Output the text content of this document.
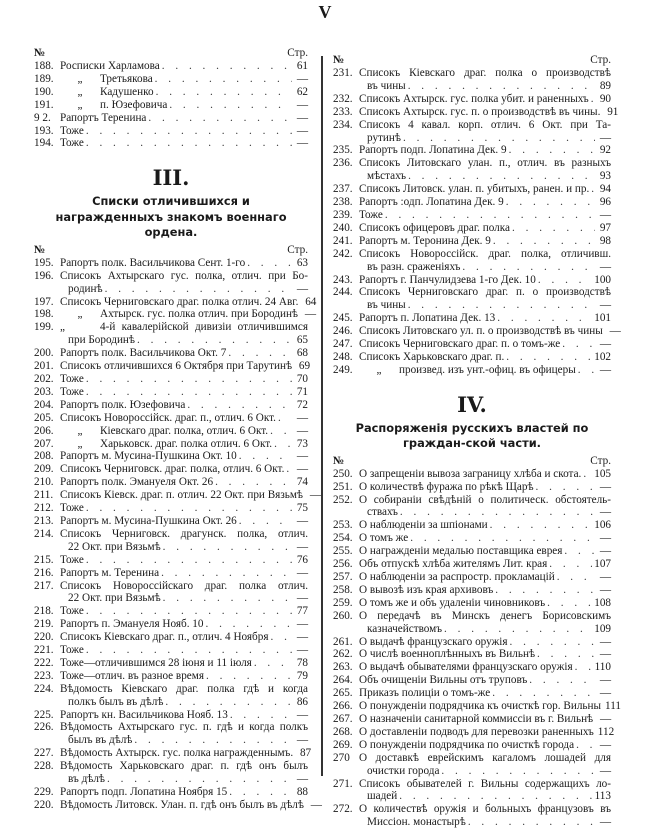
V
№	Стр.
188. Росписки Харламова . . .	61
189.	„ Третьякова . . .	—
190.	„ Кадушенко . . .	62
191.	„ п. Юзефовича . . .	—
9 2. Рапортъ Теренина . . .	—
193. Тоже . . .	—
194. Тоже . . .	—
III.
Списки отличившихся и награжденныхъ знакомъ военнаго ордена.
№	Стр.
195. Рапортъ полк. Васильчикова Сент. 1-го . . .	63
196. Списокъ Ахтырскаго гус. полка, отлич. при Бо-
родинѣ . . .	—
197. Списокъ Черниговскаго драг. полка отлич. 24 Авг. 64
198.	„ Ахтырск. гус. полка отлич. при Бородинѣ —
199. „	4-й кавалерійской дивизіи отличившимся
при Бородинѣ . . .	65
200. Рапортъ полк. Васильчикова Окт. 7 . . .	68
201. Списокъ отличившихся 6 Октября при Тарутинѣ 69
202. Тоже . . .	70
203. Тоже . . .	71
204. Рапортъ полк. Юзефовича . . .	72
205. Списокъ Новороссійск. драг. п., отлич. 6 Окт. . . . —
206.	„ Кіевскаго драг. полка, отлич. 6 Окт. . . .	—
207.	„ Харьковск. драг. полка отлич. 6 Окт. . . . 73
208. Рапортъ м. Мусина-Пушкина Окт. 10 . . .	—
209. Списокъ Черниговск. драг. полка, отлич. 6 Окт. . . . —
210. Рапортъ полк. Эмануеля Окт. 26 . . .	74
211. Списокъ Кіевск. драг. п. отлич. 22 Окт. при Вязьмѣ —
212. Тоже . . .	75
213. Рапортъ м. Мусина-Пушкина Окт. 26 . . .	—
214. Списокъ Черниговск. драгунск. полка, отлич.
22 Окт. при Вязьмѣ . . .	—
215. Тоже . . .	76
216. Рапортъ м. Теренина . . .	—
217. Списокъ Новороссійскаго драг. полка отлич.
22 Окт. при Вязьмѣ . . .	—
218. Тоже . . .	77
219. Рапортъ п. Эмануеля Нояб. 10 . . .	—
220. Списокъ Кіевскаго драг. п., отлич. 4 Ноября . . .	—
221. Тоже . . .	—
222. Тоже—отличившимся 28 іюня и 11 іюля . . .	78
223. Тоже—отлич. въ разное время . . .	79
224. Вѣдомость Кіевскаго драг. полка гдѣ и когда
полкъ былъ въ дѣлѣ . . .	86
225. Рапортъ кн. Васильчикова Нояб. 13 . . .	—
226. Вѣдомость Ахтырскаго гус. п. гдѣ и когда полкъ
былъ въ дѣлѣ . . .	—
227. Вѣдомость Ахтырск. гус. полка награжденнымъ. 87
228. Вѣдомость Харьковскаго драг. п. гдѣ онъ былъ
въ дѣлѣ . . .	—
229. Рапортъ подп. Лопатина Ноября 15 . . .	88
220. Вѣдомость Литовск. Улан. п. гдѣ онъ былъ въ дѣлѣ —
№	Стр.
231. Списокъ Кіевскаго драг. полка о производствѣ
въ чины . . .	89
232. Списокъ Ахтырск. гус. полка убит. и раненныхъ . . . 90
233. Списокъ Ахтырск. гус. п. о производствѣ въ чины. 91
234. Списокъ 4 кавал. корп. отлич. 6 Окт. при Та-
рутинѣ . . .	—
235. Рапортъ подп. Лопатина Дек. 9 . . .	92
236. Списокъ Литовскаго улан. п., отлич. въ разныхъ
мѣстахъ . . .	93
237. Списокъ Литовск. улан. п. убитыхъ, ранен. и пр. . . . 94
238. Рапортъ :одп. Лопатина Дек. 9 . . .	96
239. Тоже . . .	—
240. Списокъ офицеровъ драг. полка . . .	97
241. Рапортъ м. Теронина Дек. 9 . . .	98
242. Списокъ Новороссійск. драг. полка, отличивш.
въ разн. сраженіяхъ . . .	—
243. Рапортъ г. Панчулидзева 1-го Дек. 10 . . .	100
244. Списокъ Черниговскаго драг. п. о производствѣ
въ чины . . .	—
245. Рапортъ п. Лопатина Дек. 13 . . .	101
246. Списокъ Литовскаго ул. п. о производствѣ въ чины —
247. Списокъ Черниговскаго драг. п. о томъ-же . . .	—
248. Списокъ Харьковскаго драг. п. . . .	102
249.	„ произвед. изъ унт.-офиц. въ офицеры . . . —
IV.
Распоряженія русскихъ властей по граждан-ской части.
№	Стр.
250. О запрещеніи вывоза заграницу хлѣба и скота. . . . 105
251. О количествѣ фуража по рѣкѣ Щарѣ . . .	—
252. О собираніи свѣдѣній о политическ. обстоятель-
ствахъ . . .	—
253. О наблюденіи за шпіонами . . .	106
254. О томъ же . . .	—
255. О награжденіи медалью поставщика еврея . . .	—
256. Объ отпускѣ хлѣба жителямъ Лит. края . . .	107
257. О наблюденіи за распростр. прокламацій . . .	—
258. О вывозѣ изъ края архивовъ . . .	—
259. О томъ же и объ удаленіи чиновниковъ . . .	108
260. О передачѣ въ Минскъ денегъ Борисовскимъ
казначействомъ . . .	109
261. О выдачѣ французскаго оружія . . .	—
262. О числѣ военноплѣнныхъ въ Вильнѣ . . .	—
263. О выдачѣ обывателями французскаго оружія . . . 110
264. Объ очищеніи Вильны отъ труповъ . . .	—
265. Приказъ полиціи о томъ-же . . .	—
266. О понужденіи подрядчика къ очисткѣ гор. Вильны 111
267. О назначеніи санитарной коммиссіи въ г. Вильнѣ —
268. О доставленіи подводъ для перевозки раненныхъ 112
269. О понужденіи подрядчика по очисткѣ города . . . —
270 О доставкѣ еврейскимъ кагаломъ лошадей для
очистки города . . .	—
271. Списокъ обывателей г. Вильны содержащихъ ло-
шадей . . .	113
272. О количествѣ оружія и больныхъ французовъ въ
Миссіон. монастырѣ . . .	—
